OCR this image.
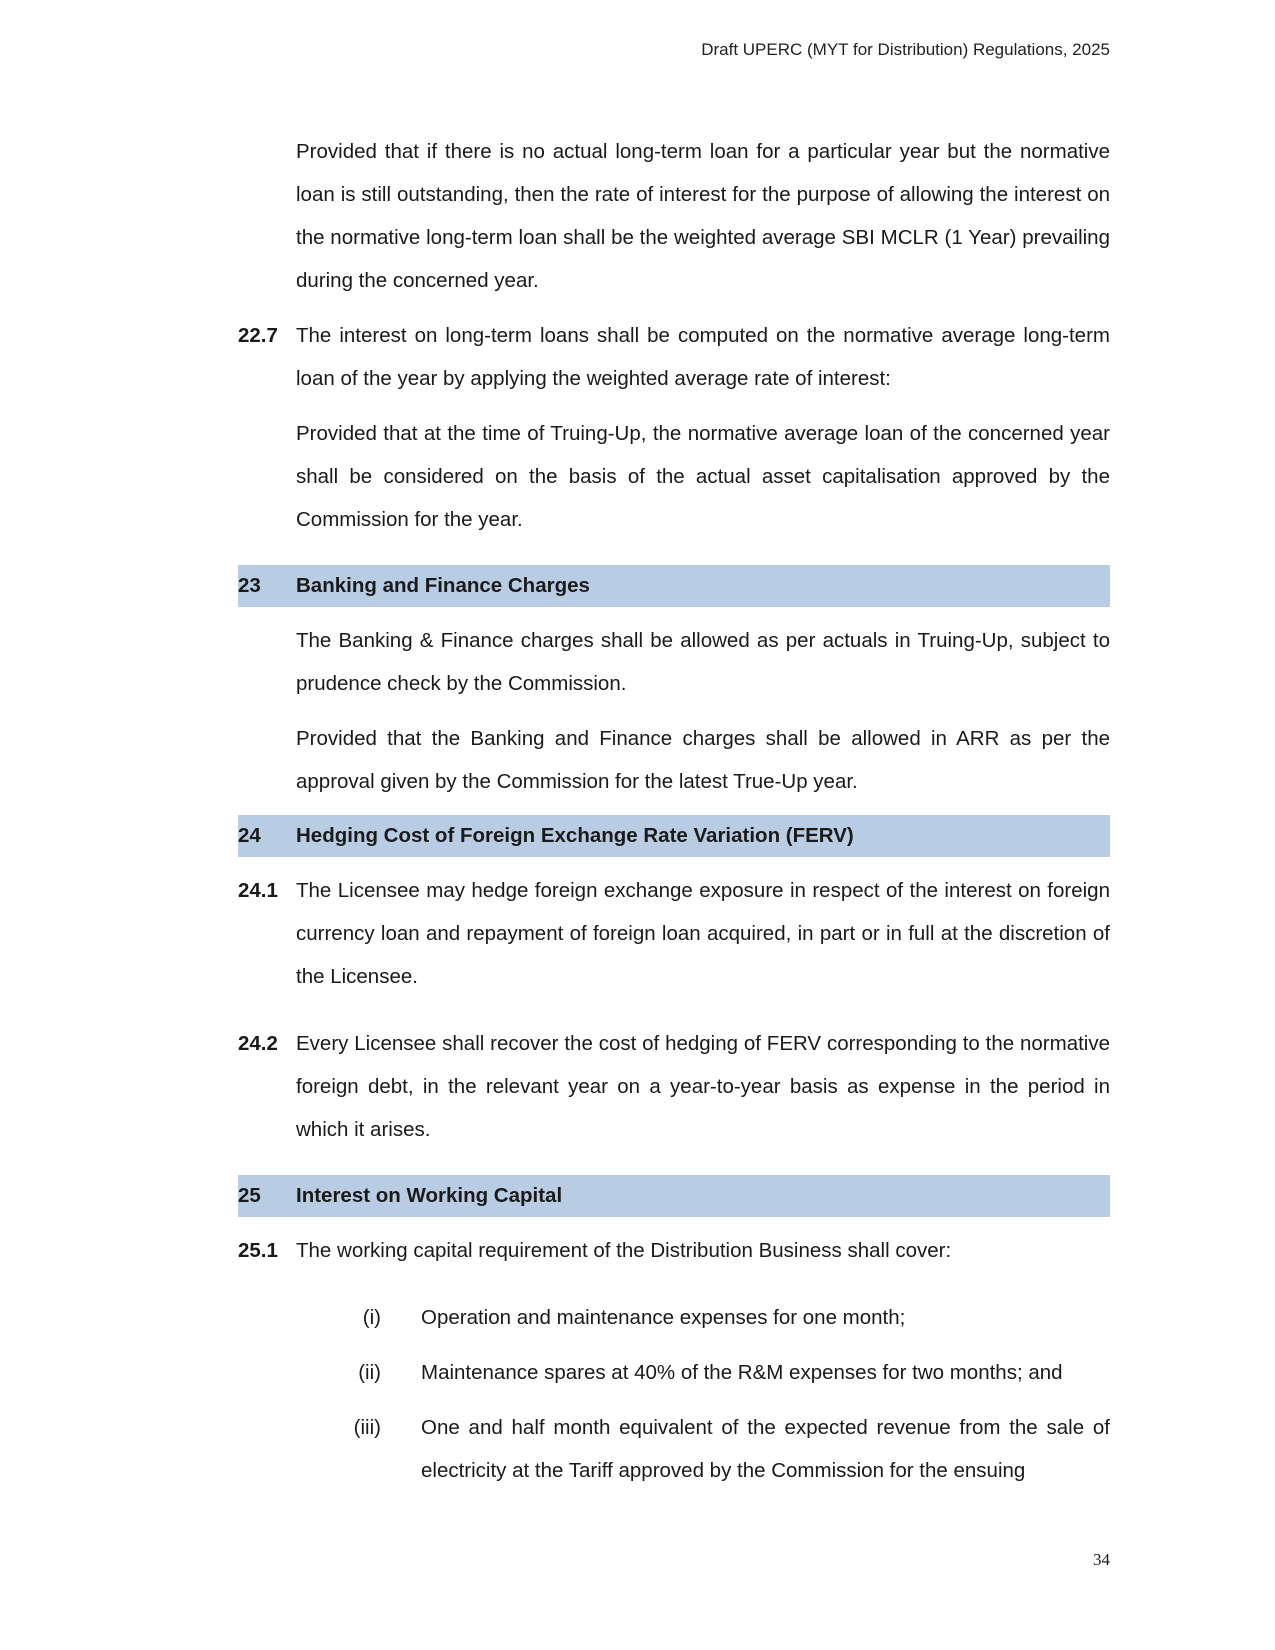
Draft UPERC (MYT for Distribution) Regulations, 2025

Provided that if there is no actual long-term loan for a particular year but the normative loan is still outstanding, then the rate of interest for the purpose of allowing the interest on the normative long-term loan shall be the weighted average SBI MCLR (1 Year) prevailing during the concerned year.

22.7 The interest on long-term loans shall be computed on the normative average long-term loan of the year by applying the weighted average rate of interest:

Provided that at the time of Truing-Up, the normative average loan of the concerned year shall be considered on the basis of the actual asset capitalisation approved by the Commission for the year.

23	Banking and Finance Charges

The Banking & Finance charges shall be allowed as per actuals in Truing-Up, subject to prudence check by the Commission.

Provided that the Banking and Finance charges shall be allowed in ARR as per the approval given by the Commission for the latest True-Up year.

24	Hedging Cost of Foreign Exchange Rate Variation (FERV)
24.1 The Licensee may hedge foreign exchange exposure in respect of the interest on foreign currency loan and repayment of foreign loan acquired, in part or in full at the discretion of the Licensee.

24.2 Every Licensee shall recover the cost of hedging of FERV corresponding to the normative foreign debt, in the relevant year on a year-to-year basis as expense in the period in which it arises.

25	Interest on Working Capital
25.1 The working capital requirement of the Distribution Business shall cover:

(i)	Operation and maintenance expenses for one month;
(ii)	Maintenance spares at 40% of the R&M expenses for two months; and
(iii)	One and half month equivalent of the expected revenue from the sale of electricity at the Tariff approved by the Commission for the ensuing
34
